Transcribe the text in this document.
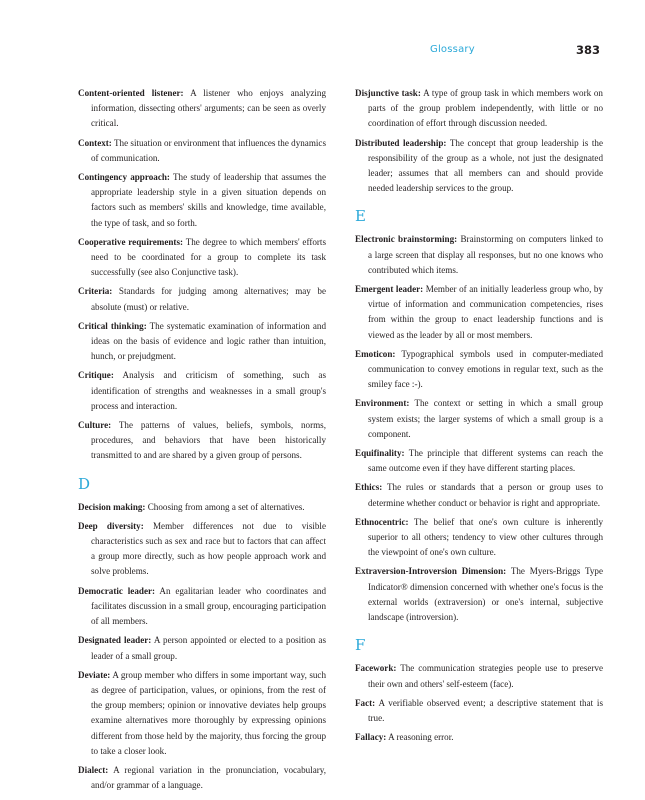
Glossary	383

Content-oriented listener: A listener who enjoys analyzing information, dissecting others' arguments; can be seen as overly critical.

Context: The situation or environment that influences the dynamics of communication.

Contingency approach: The study of leadership that assumes the appropriate leadership style in a given situation depends on factors such as members' skills and knowledge, time available, the type of task, and so forth.

Cooperative requirements: The degree to which members' efforts need to be coordinated for a group to complete its task successfully (see also Conjunctive task).

Criteria: Standards for judging among alternatives; may be absolute (must) or relative.

Critical thinking: The systematic examination of information and ideas on the basis of evidence and logic rather than intuition, hunch, or prejudgment.

Critique: Analysis and criticism of something, such as identification of strengths and weaknesses in a small group's process and interaction.

Culture: The patterns of values, beliefs, symbols, norms, procedures, and behaviors that have been historically transmitted to and are shared by a given group of persons.

D

Decision making: Choosing from among a set of alternatives.

Deep diversity: Member differences not due to visible characteristics such as sex and race but to factors that can affect a group more directly, such as how people approach work and solve problems.

Democratic leader: An egalitarian leader who coordinates and facilitates discussion in a small group, encouraging participation of all members.

Designated leader: A person appointed or elected to a position as leader of a small group.

Deviate: A group member who differs in some important way, such as degree of participation, values, or opinions, from the rest of the group members; opinion or innovative deviates help groups examine alternatives more thoroughly by expressing opinions different from those held by the majority, thus forcing the group to take a closer look.

Dialect: A regional variation in the pronunciation, vocabulary, and/or grammar of a language.

Disjunctive task: A type of group task in which members work on parts of the group problem independently, with little or no coordination of effort through discussion needed.

Distributed leadership: The concept that group leadership is the responsibility of the group as a whole, not just the designated leader; assumes that all members can and should provide needed leadership services to the group.

E

Electronic brainstorming: Brainstorming on computers linked to a large screen that display all responses, but no one knows who contributed which items.

Emergent leader: Member of an initially leaderless group who, by virtue of information and communication competencies, rises from within the group to enact leadership functions and is viewed as the leader by all or most members.

Emoticon: Typographical symbols used in computer-mediated communication to convey emotions in regular text, such as the smiley face :-).

Environment: The context or setting in which a small group system exists; the larger systems of which a small group is a component.

Equifinality: The principle that different systems can reach the same outcome even if they have different starting places.

Ethics: The rules or standards that a person or group uses to determine whether conduct or behavior is right and appropriate.

Ethnocentric: The belief that one's own culture is inherently superior to all others; tendency to view other cultures through the viewpoint of one's own culture.

Extraversion-Introversion Dimension: The Myers-Briggs Type Indicator® dimension concerned with whether one's focus is the external worlds (extraversion) or one's internal, subjective landscape (introversion).

F

Facework: The communication strategies people use to preserve their own and others' self-esteem (face).

Fact: A verifiable observed event; a descriptive statement that is true.

Fallacy: A reasoning error.
